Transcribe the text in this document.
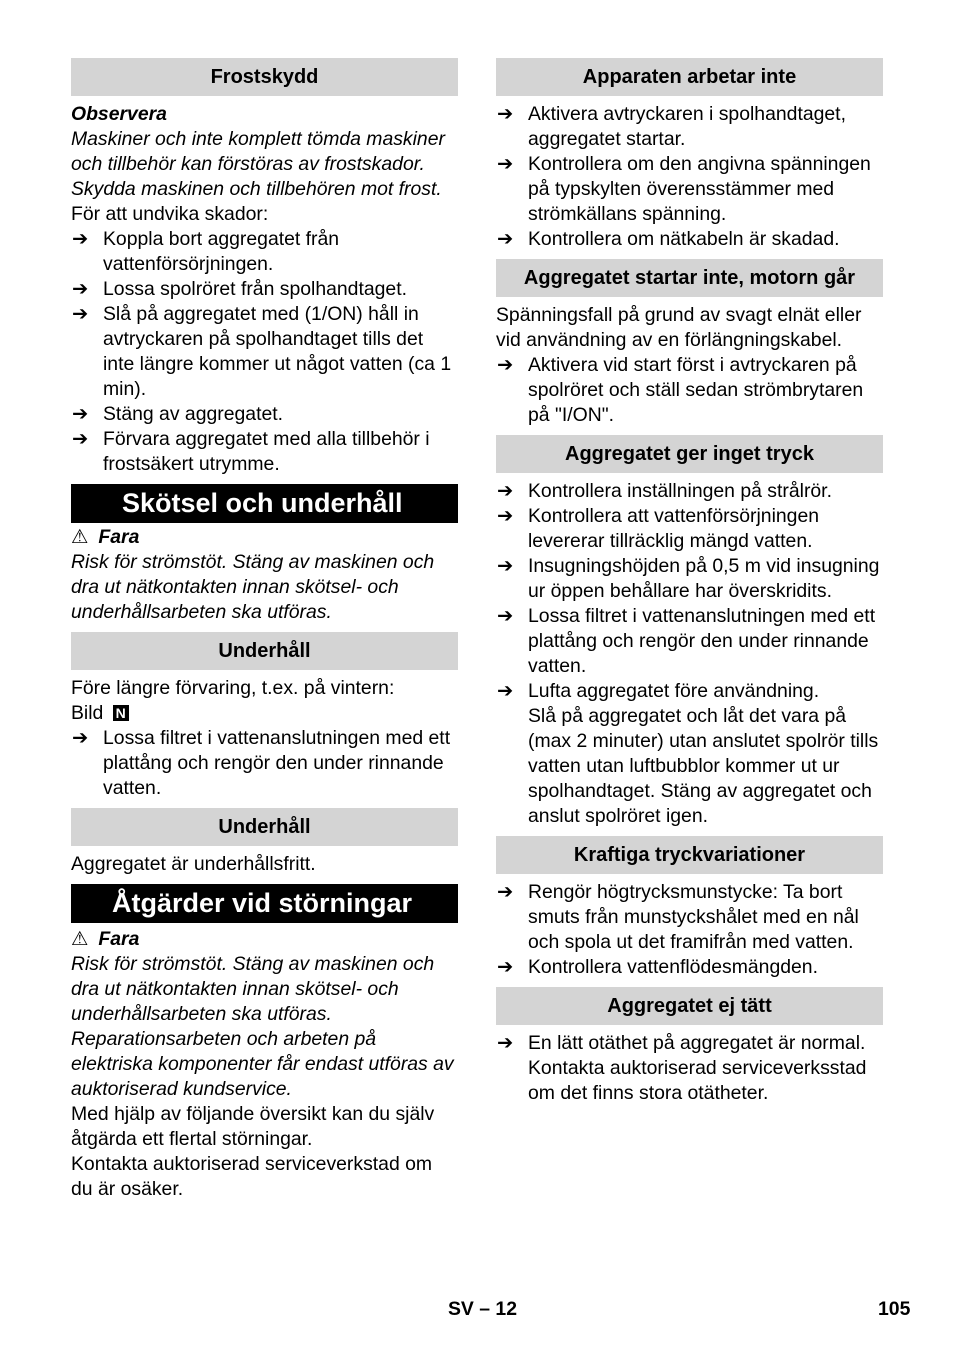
Frostskydd

Observera

Maskiner och inte komplett tömda maskiner och tillbehör kan förstöras av frostskador. Skydda maskinen och tillbehören mot frost.

För att undvika skador:

➔ Koppla bort aggregatet från vattenförsörjningen.
➔ Lossa spolröret från spolhandtaget.
➔ Slå på aggregatet med (1/ON) håll in avtryckaren på spolhandtaget tills det inte längre kommer ut något vatten (ca 1 min).
➔ Stäng av aggregatet.
➔ Förvara aggregatet med alla tillbehör i frostsäkert utrymme.
Skötsel och underhåll

⚠ Fara

Risk för strömstöt. Stäng av maskinen och dra ut nätkontakten innan skötsel- och underhållsarbeten ska utföras.

Underhåll

Före längre förvaring, t.ex. på vintern:

Bild N

➔ Lossa filtret i vattenanslutningen med ett plattång och rengör den under rinnande vatten.
Underhåll

Aggregatet är underhållsfritt.

Åtgärder vid störningar

⚠ Fara

Risk för strömstöt. Stäng av maskinen och dra ut nätkontakten innan skötsel- och underhållsarbeten ska utföras.

Reparationsarbeten och arbeten på elektriska komponenter får endast utföras av auktoriserad kundservice.

Med hjälp av följande översikt kan du själv åtgärda ett flertal störningar.

Kontakta auktoriserad serviceverkstad om du är osäker.

Apparaten arbetar inte
➔ Aktivera avtryckaren i spolhandtaget, aggregatet startar.
➔ Kontrollera om den angivna spänningen på typskylten överensstämmer med strömkällans spänning.
➔ Kontrollera om nätkabeln är skadad.
Aggregatet startar inte, motorn går

Spänningsfall på grund av svagt elnät eller vid användning av en förlängningskabel.

➔ Aktivera vid start först i avtryckaren på spolröret och ställ sedan strömbrytaren på "I/ON".
Aggregatet ger inget tryck
➔ Kontrollera inställningen på strålrör.
➔ Kontrollera att vattenförsörjningen levererar tillräcklig mängd vatten.
➔ Insugningshöjden på 0,5 m vid insugning ur öppen behållare har överskridits.
➔ Lossa filtret i vattenanslutningen med ett plattång och rengör den under rinnande vatten.
➔ Lufta aggregatet före användning.

Slå på aggregatet och låt det vara på (max 2 minuter) utan anslutet spolrör tills vatten utan luftbubblor kommer ut ur spolhandtaget. Stäng av aggregatet och anslut spolröret igen.

Kraftiga tryckvariationer
➔ Rengör högtrycksmunstycke: Ta bort smuts från munstyckshålet med en nål och spola ut det framifrån med vatten.
➔ Kontrollera vattenflödesmängden.
Aggregatet ej tätt
➔ En lätt otäthet på aggregatet är normal. Kontakta auktoriserad serviceverksstad om det finns stora otätheter.
SV – 12	105
